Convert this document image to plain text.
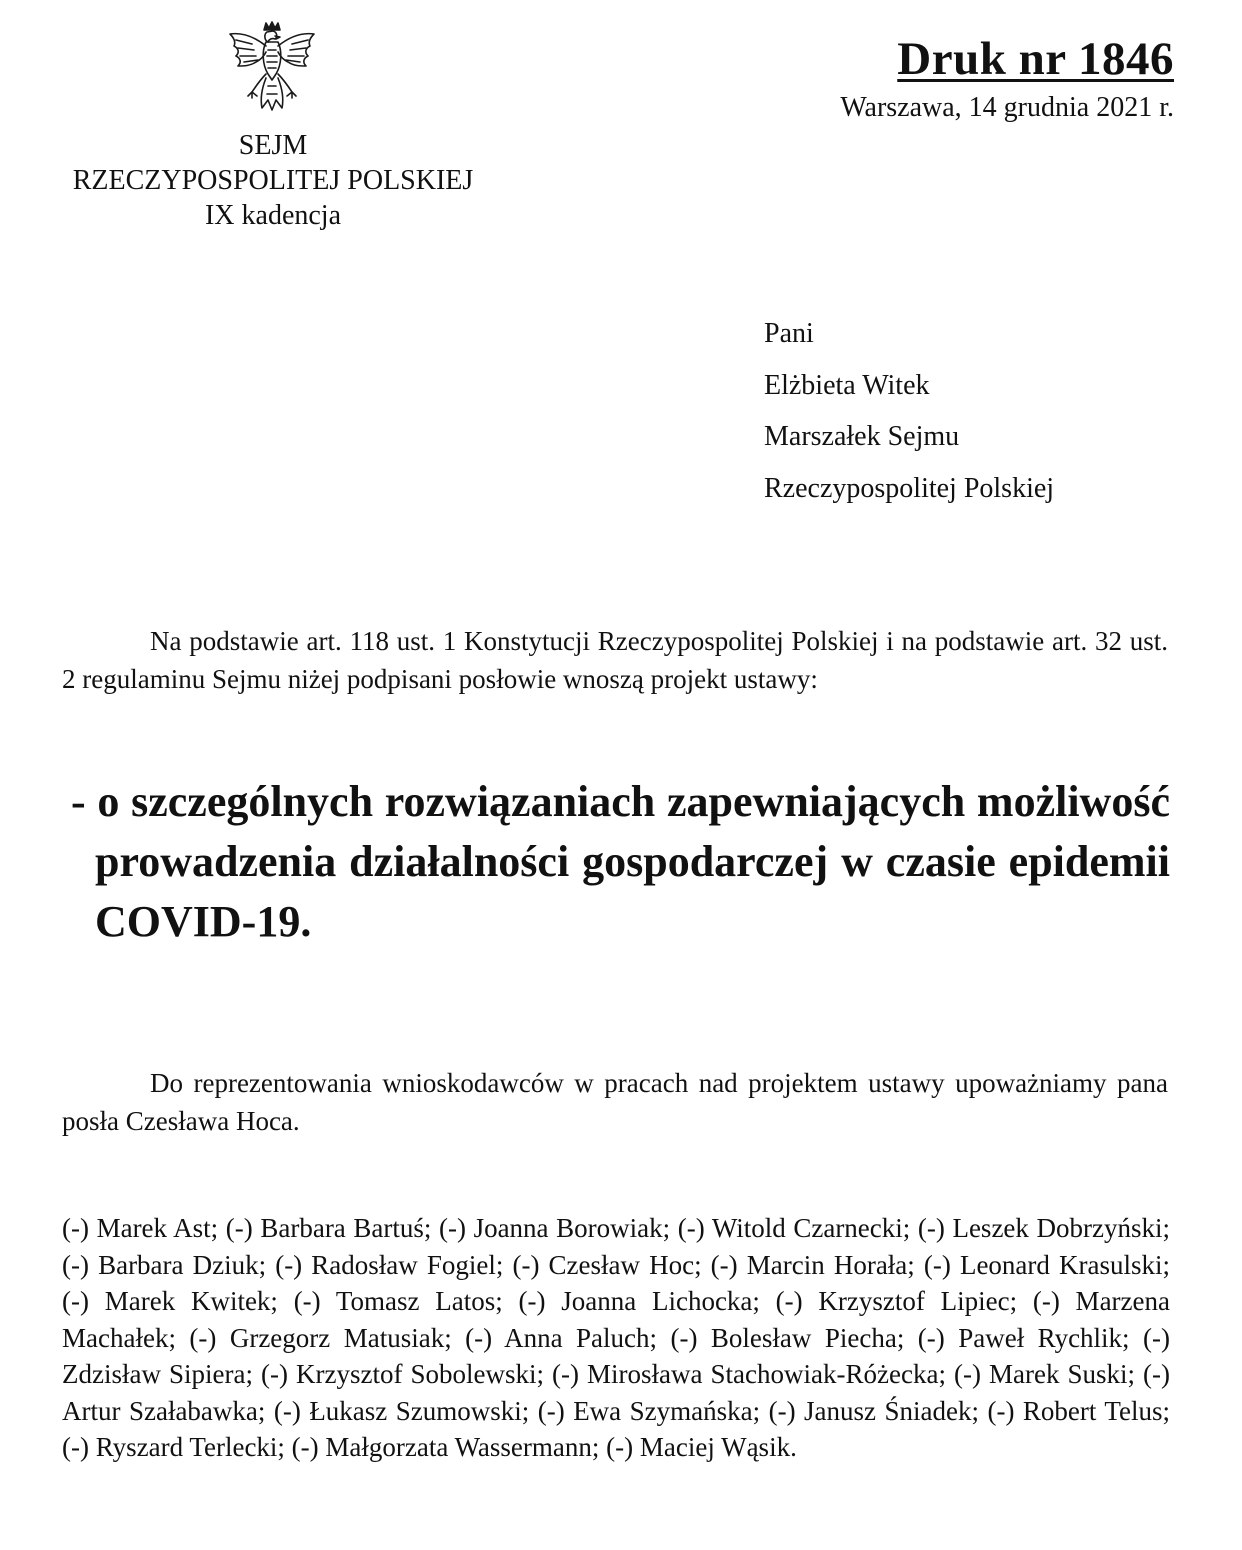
SEJM
RZECZYPOSPOLITEJ POLSKIEJ
IX kadencja
Druk nr 1846
Warszawa, 14 grudnia 2021 r.
Pani
Elżbieta Witek
Marszałek Sejmu
Rzeczypospolitej Polskiej

Na podstawie art. 118 ust. 1 Konstytucji Rzeczypospolitej Polskiej i na podstawie art. 32 ust. 2 regulaminu Sejmu niżej podpisani posłowie wnoszą projekt ustawy:

- o szczególnych rozwiązaniach zapewniających możliwość prowadzenia działalności gospodarczej w czasie epidemii COVID-19.

Do reprezentowania wnioskodawców w pracach nad projektem ustawy upoważniamy pana posła Czesława Hoca.

(-) Marek Ast; (-) Barbara Bartuś; (-) Joanna Borowiak; (-) Witold Czarnecki; (-) Leszek Dobrzyński; (-) Barbara Dziuk; (-) Radosław Fogiel; (-) Czesław Hoc; (-) Marcin Horała; (-) Leonard Krasulski; (-) Marek Kwitek; (-) Tomasz Latos; (-) Joanna Lichocka; (-) Krzysztof Lipiec; (-) Marzena Machałek; (-) Grzegorz Matusiak; (-) Anna Paluch; (-) Bolesław Piecha; (-) Paweł Rychlik; (-) Zdzisław Sipiera; (-) Krzysztof Sobolewski; (-) Mirosława Stachowiak-Różecka; (-) Marek Suski; (-) Artur Szałabawka; (-) Łukasz Szumowski; (-) Ewa Szymańska; (-) Janusz Śniadek; (-) Robert Telus; (-) Ryszard Terlecki; (-) Małgorzata Wassermann; (-) Maciej Wąsik.
